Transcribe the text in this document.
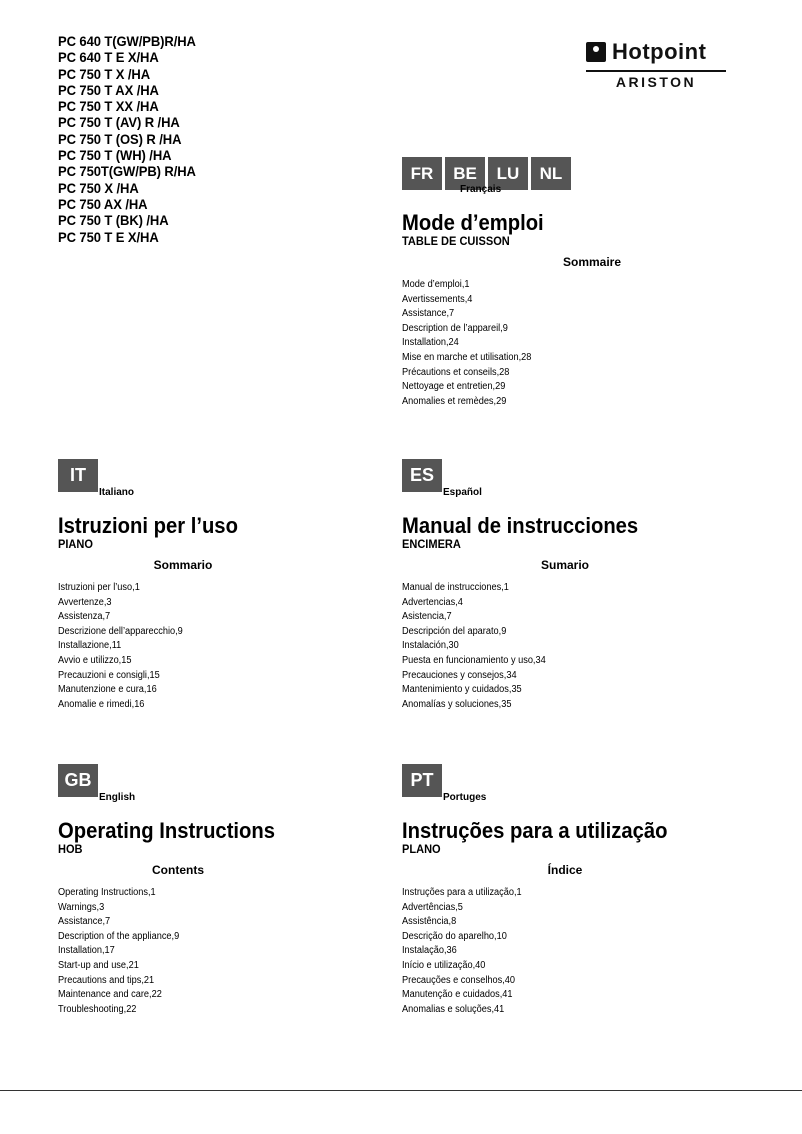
PC 640 T(GW/PB)R/HA
PC 640 T E X/HA
PC 750 T X /HA
PC 750 T AX /HA
PC 750 T XX /HA
PC 750 T (AV) R /HA
PC 750 T (OS) R /HA
PC 750 T (WH) /HA
PC 750T(GW/PB) R/HA
PC 750 X /HA
PC 750 AX /HA
PC 750 T (BK) /HA
PC 750 T E X/HA
Hotpoint
ARISTON
FR	BE	LU	NL
Français
Mode d’emploi

TABLE DE CUISSON

Sommaire

Mode d’emploi,1
Avertissements,4
Assistance,7
Description de l’appareil,9
Installation,24
Mise en marche et utilisation,28
Précautions et conseils,28
Nettoyage et entretien,29
Anomalies et remèdes,29
IT
Italiano
Istruzioni per l’uso

PIANO

Sommario

Istruzioni per l’uso,1
Avvertenze,3
Assistenza,7
Descrizione dell’apparecchio,9
Installazione,11
Avvio e utilizzo,15
Precauzioni e consigli,15
Manutenzione e cura,16
Anomalie e rimedi,16
ES
Español
Manual de instrucciones

ENCIMERA

Sumario

Manual de instrucciones,1
Advertencias,4
Asistencia,7
Descripción del aparato,9
Instalación,30
Puesta en funcionamiento y uso,34
Precauciones y consejos,34
Mantenimiento y cuidados,35
Anomalías y soluciones,35
GB
English
Operating Instructions

HOB

Contents

Operating Instructions,1
Warnings,3
Assistance,7
Description of the appliance,9
Installation,17
Start-up and use,21
Precautions and tips,21
Maintenance and care,22
Troubleshooting,22
PT
Portuges
Instruções para a utilização

PLANO

Índice

Instruções para a utilização,1
Advertências,5
Assistência,8
Descrição do aparelho,10
Instalação,36
Início e utilização,40
Precauções e conselhos,40
Manutenção e cuidados,41
Anomalias e soluções,41
